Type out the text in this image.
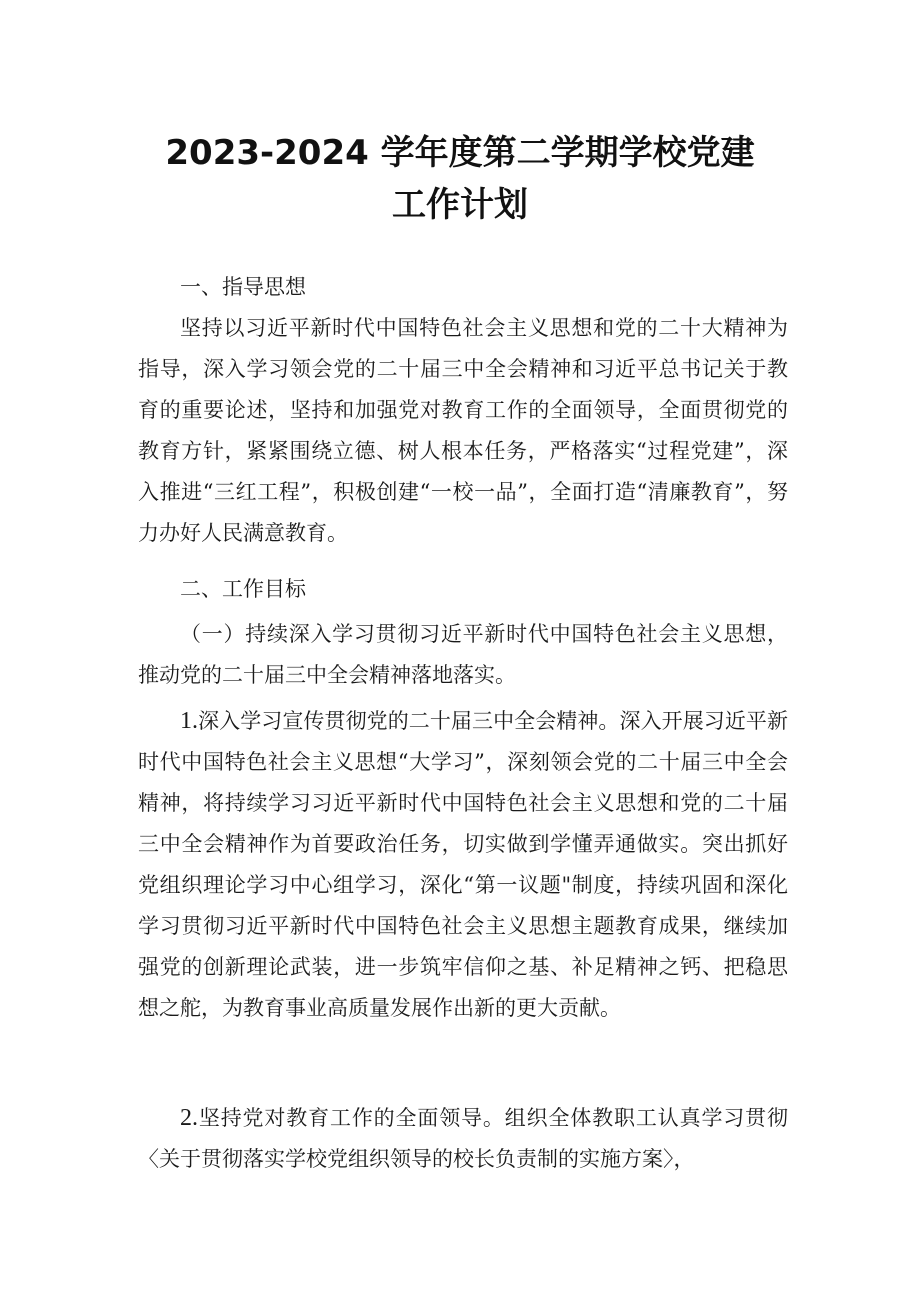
2023-2024 学年度第二学期学校党建
工作计划

一、指导思想

坚持以习近平新时代中国特色社会主义思想和党的二十大精神为指导，深入学习领会党的二十届三中全会精神和习近平总书记关于教育的重要论述，坚持和加强党对教育工作的全面领导，全面贯彻党的教育方针，紧紧围绕立德、树人根本任务，严格落实“过程党建”，深入推进“三红工程”，积极创建“一校一品”，全面打造“清廉教育”，努力办好人民满意教育。

二、工作目标

（一）持续深入学习贯彻习近平新时代中国特色社会主义思想，推动党的二十届三中全会精神落地落实。

1.深入学习宣传贯彻党的二十届三中全会精神。深入开展习近平新时代中国特色社会主义思想“大学习”，深刻领会党的二十届三中全会精神，将持续学习习近平新时代中国特色社会主义思想和党的二十届三中全会精神作为首要政治任务，切实做到学懂弄通做实。突出抓好党组织理论学习中心组学习，深化“第一议题"制度，持续巩固和深化学习贯彻习近平新时代中国特色社会主义思想主题教育成果，继续加强党的创新理论武装，进一步筑牢信仰之基、补足精神之钙、把稳思想之舵，为教育事业高质量发展作出新的更大贡献。

2.坚持党对教育工作的全面领导。组织全体教职工认真学习贯彻〈关于贯彻落实学校党组织领导的校长负责制的实施方案〉，
